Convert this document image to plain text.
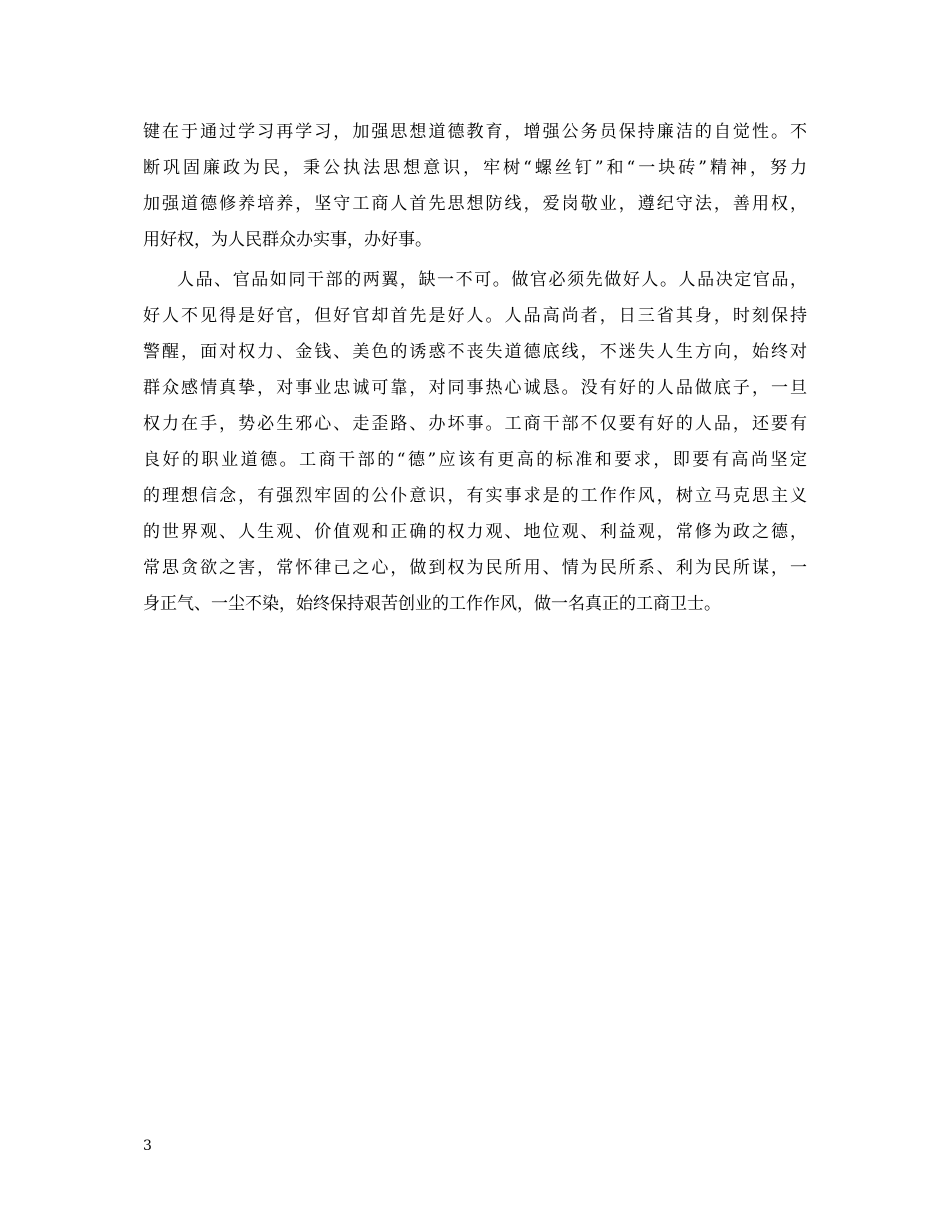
键在于通过学习再学习，加强思想道德教育，增强公务员保持廉洁的自觉性。不
断巩固廉政为民，秉公执法思想意识，牢树“螺丝钉”和“一块砖”精神，努力
加强道德修养培养，坚守工商人首先思想防线，爱岗敬业，遵纪守法，善用权，
用好权，为人民群众办实事，办好事。
人品、官品如同干部的两翼，缺一不可。做官必须先做好人。人品决定官品，
好人不见得是好官，但好官却首先是好人。人品高尚者，日三省其身，时刻保持
警醒，面对权力、金钱、美色的诱惑不丧失道德底线，不迷失人生方向，始终对
群众感情真挚，对事业忠诚可靠，对同事热心诚恳。没有好的人品做底子，一旦
权力在手，势必生邪心、走歪路、办坏事。工商干部不仅要有好的人品，还要有
良好的职业道德。工商干部的“德”应该有更高的标准和要求，即要有高尚坚定
的理想信念，有强烈牢固的公仆意识，有实事求是的工作作风，树立马克思主义
的世界观、人生观、价值观和正确的权力观、地位观、利益观，常修为政之德，
常思贪欲之害，常怀律己之心，做到权为民所用、情为民所系、利为民所谋，一
身正气、一尘不染，始终保持艰苦创业的工作作风，做一名真正的工商卫士。
3
